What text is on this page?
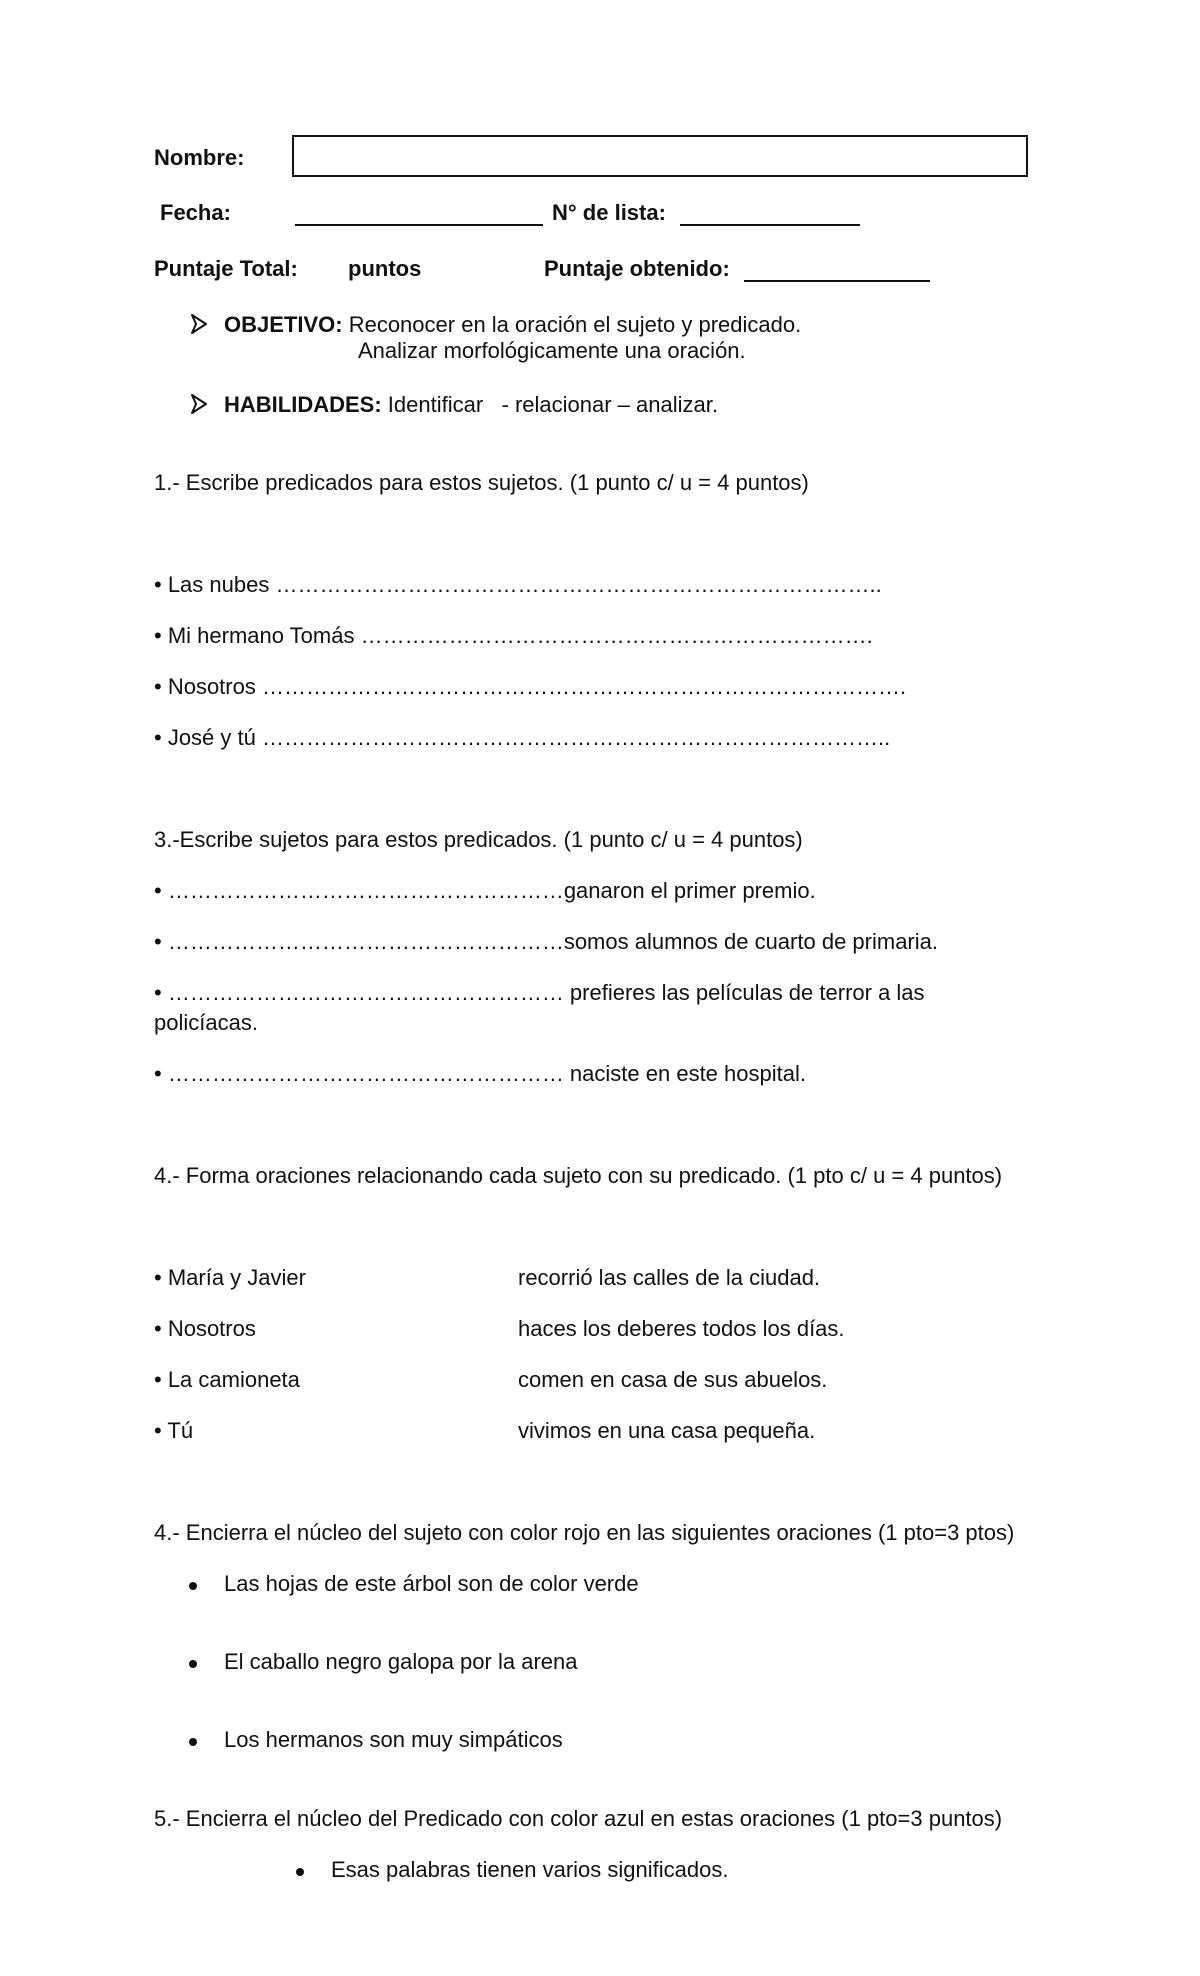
Nombre:
Fecha:	N° de lista:
Puntaje Total: puntos	Puntaje obtenido:
OBJETIVO: Reconocer en la oración el sujeto y predicado.
Analizar morfológicamente una oración.
HABILIDADES: Identificar   - relacionar – analizar.
1.- Escribe predicados para estos sujetos. (1 punto c/ u = 4 puntos)
• Las nubes ………………………………………………………………………..
• Mi hermano Tomás …………………………………………………………….
• Nosotros …………………………………………………………………………….
• José y tú …………………………………………………………………………..
3.-Escribe sujetos para estos predicados. (1 punto c/ u = 4 puntos)
• ………………………………………………ganaron el primer premio.
• ………………………………………………somos alumnos de cuarto de primaria.
• ……………………………………………… prefieres las películas de terror a las
policíacas.
• ……………………………………………… naciste en este hospital.
4.- Forma oraciones relacionando cada sujeto con su predicado. (1 pto c/ u = 4 puntos)
• María y Javier	recorrió las calles de la ciudad.
• Nosotros	haces los deberes todos los días.
• La camioneta	comen en casa de sus abuelos.
• Tú	vivimos en una casa pequeña.
4.- Encierra el núcleo del sujeto con color rojo en las siguientes oraciones (1 pto=3 ptos)
Las hojas de este árbol son de color verde
El caballo negro galopa por la arena
Los hermanos son muy simpáticos
5.- Encierra el núcleo del Predicado con color azul en estas oraciones (1 pto=3 puntos)
Esas palabras tienen varios significados.
